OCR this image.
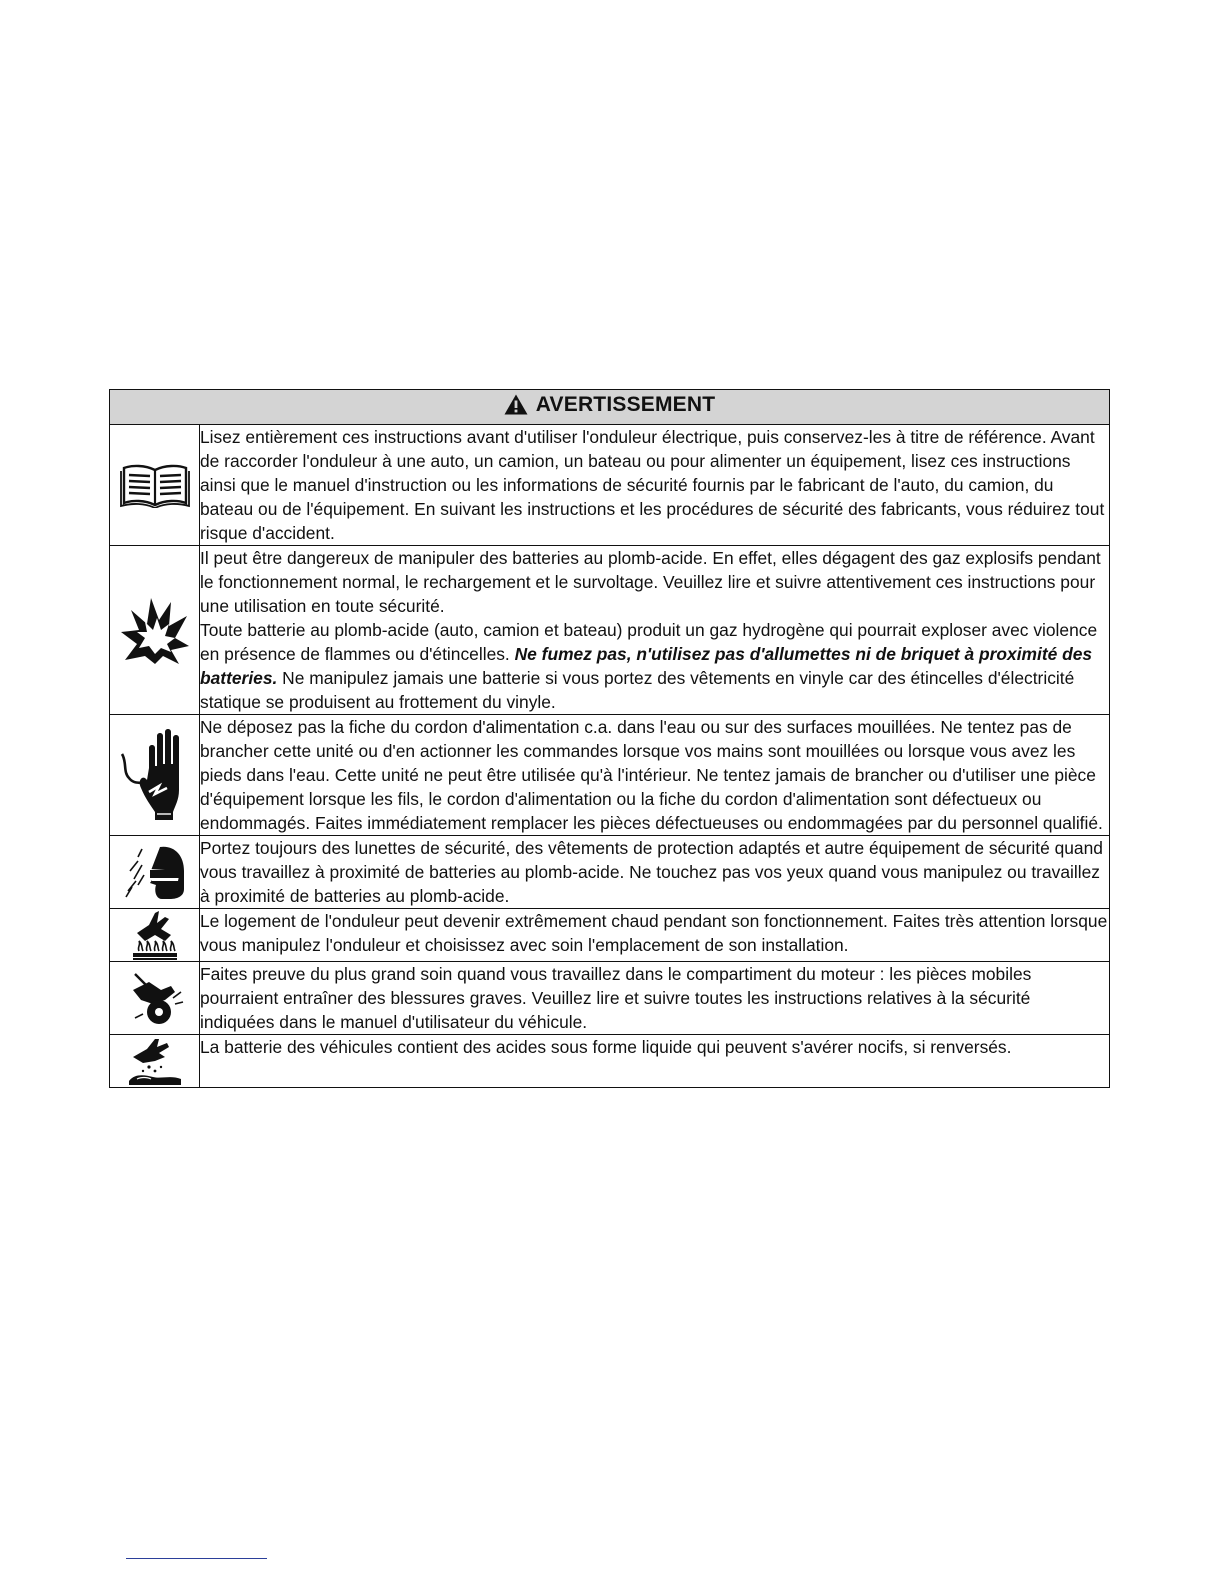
AVERTISSEMENT	

Lisez entièrement ces instructions avant d'utiliser l'onduleur électrique, puis conservez-les à titre de référence. Avant de raccorder l'onduleur à une auto, un camion, un bateau ou pour alimenter un équipement, lisez ces instructions ainsi que le manuel d'instruction ou les informations de sécurité fournis par le fabricant de l'auto, du camion, du bateau ou de l'équipement. En suivant les instructions et les procédures de sécurité des fabricants, vous réduirez tout risque d'accident.

Il peut être dangereux de manipuler des batteries au plomb-acide. En effet, elles dégagent des gaz explosifs pendant le fonctionnement normal, le rechargement et le survoltage. Veuillez lire et suivre attentivement ces instructions pour une utilisation en toute sécurité.

Toute batterie au plomb-acide (auto, camion et bateau) produit un gaz hydrogène qui pourrait exploser avec violence en présence de flammes ou d'étincelles. Ne fumez pas, n'utilisez pas d'allumettes ni de briquet à proximité des batteries. Ne manipulez jamais une batterie si vous portez des vêtements en vinyle car des étincelles d'électricité statique se produisent au frottement du vinyle.

Ne déposez pas la fiche du cordon d'alimentation c.a. dans l'eau ou sur des surfaces mouillées. Ne tentez pas de brancher cette unité ou d'en actionner les commandes lorsque vos mains sont mouillées ou lorsque vous avez les pieds dans l'eau. Cette unité ne peut être utilisée qu'à l'intérieur. Ne tentez jamais de brancher ou d'utiliser une pièce d'équipement lorsque les fils, le cordon d'alimentation ou la fiche du cordon d'alimentation sont défectueux ou endommagés. Faites immédiatement remplacer les pièces défectueuses ou endommagées par du personnel qualifié.

Portez toujours des lunettes de sécurité, des vêtements de protection adaptés et autre équipement de sécurité quand vous travaillez à proximité de batteries au plomb-acide. Ne touchez pas vos yeux quand vous manipulez ou travaillez à proximité de batteries au plomb-acide.

Le logement de l'onduleur peut devenir extrêmement chaud pendant son fonctionnement. Faites très attention lorsque vous manipulez l'onduleur et choisissez avec soin l'emplacement de son installation.

Faites preuve du plus grand soin quand vous travaillez dans le compartiment du moteur : les pièces mobiles pourraient entraîner des blessures graves. Veuillez lire et suivre toutes les instructions relatives à la sécurité indiquées dans le manuel d'utilisateur du véhicule.

La batterie des véhicules contient des acides sous forme liquide qui peuvent s'avérer nocifs, si renversés.
